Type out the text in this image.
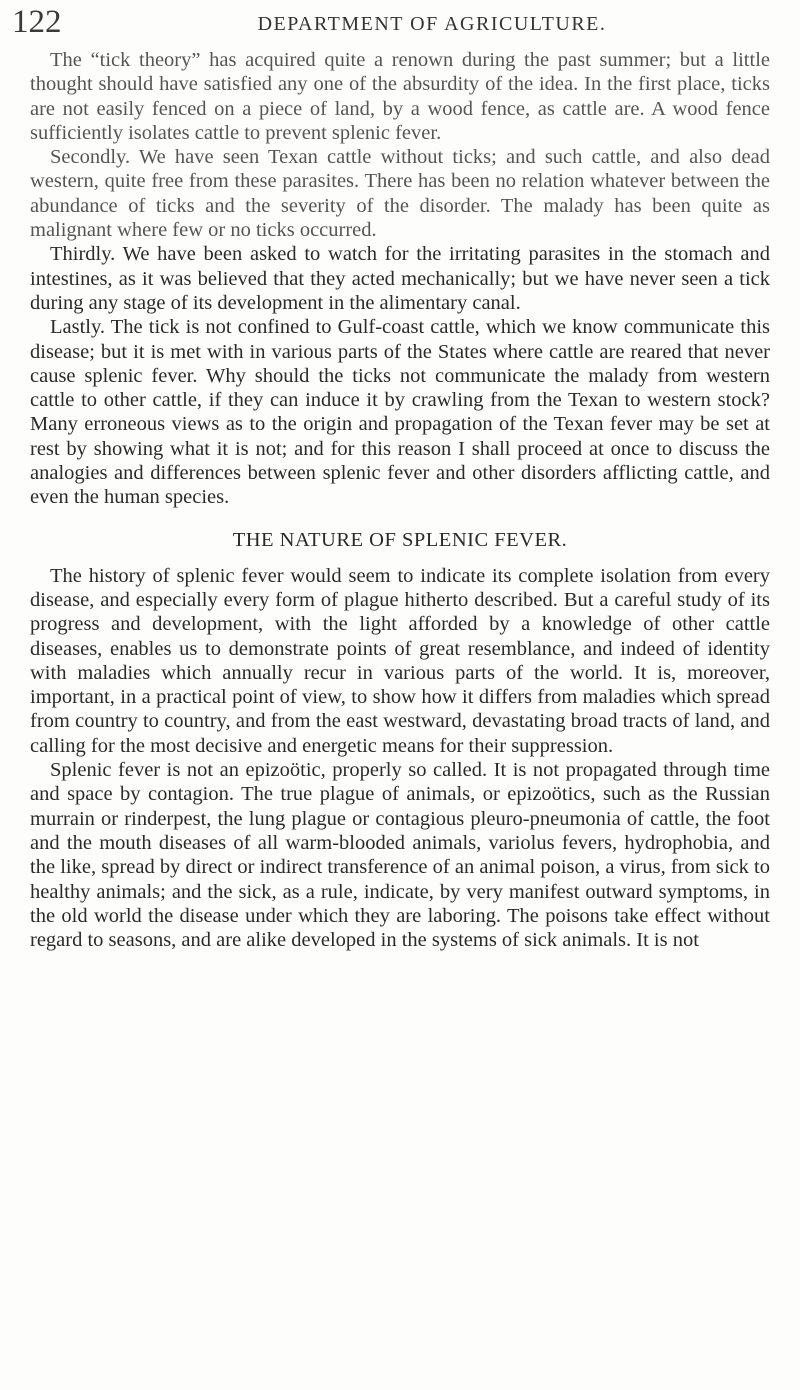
122	DEPARTMENT OF AGRICULTURE.

The “tick theory” has acquired quite a renown during the past summer; but a little thought should have satisfied any one of the absurdity of the idea. In the first place, ticks are not easily fenced on a piece of land, by a wood fence, as cattle are. A wood fence sufficiently isolates cattle to prevent splenic fever.

Secondly. We have seen Texan cattle without ticks; and such cattle, and also dead western, quite free from these parasites. There has been no relation whatever between the abundance of ticks and the severity of the disorder. The malady has been quite as malignant where few or no ticks occurred.

Thirdly. We have been asked to watch for the irritating parasites in the stomach and intestines, as it was believed that they acted mechanically; but we have never seen a tick during any stage of its development in the alimentary canal.

Lastly. The tick is not confined to Gulf-coast cattle, which we know communicate this disease; but it is met with in various parts of the States where cattle are reared that never cause splenic fever. Why should the ticks not communicate the malady from western cattle to other cattle, if they can induce it by crawling from the Texan to western stock? Many erroneous views as to the origin and propagation of the Texan fever may be set at rest by showing what it is not; and for this reason I shall proceed at once to discuss the analogies and differences between splenic fever and other disorders afflicting cattle, and even the human species.

THE NATURE OF SPLENIC FEVER.

The history of splenic fever would seem to indicate its complete isolation from every disease, and especially every form of plague hitherto described. But a careful study of its progress and development, with the light afforded by a knowledge of other cattle diseases, enables us to demonstrate points of great resemblance, and indeed of identity with maladies which annually recur in various parts of the world. It is, moreover, important, in a practical point of view, to show how it differs from maladies which spread from country to country, and from the east westward, devastating broad tracts of land, and calling for the most decisive and energetic means for their suppression.

Splenic fever is not an epizoötic, properly so called. It is not propagated through time and space by contagion. The true plague of animals, or epizoötics, such as the Russian murrain or rinderpest, the lung plague or contagious pleuro-pneumonia of cattle, the foot and the mouth diseases of all warm-blooded animals, variolus fevers, hydrophobia, and the like, spread by direct or indirect transference of an animal poison, a virus, from sick to healthy animals; and the sick, as a rule, indicate, by very manifest outward symptoms, in the old world the disease under which they are laboring. The poisons take effect without regard to seasons, and are alike developed in the systems of sick animals. It is not
